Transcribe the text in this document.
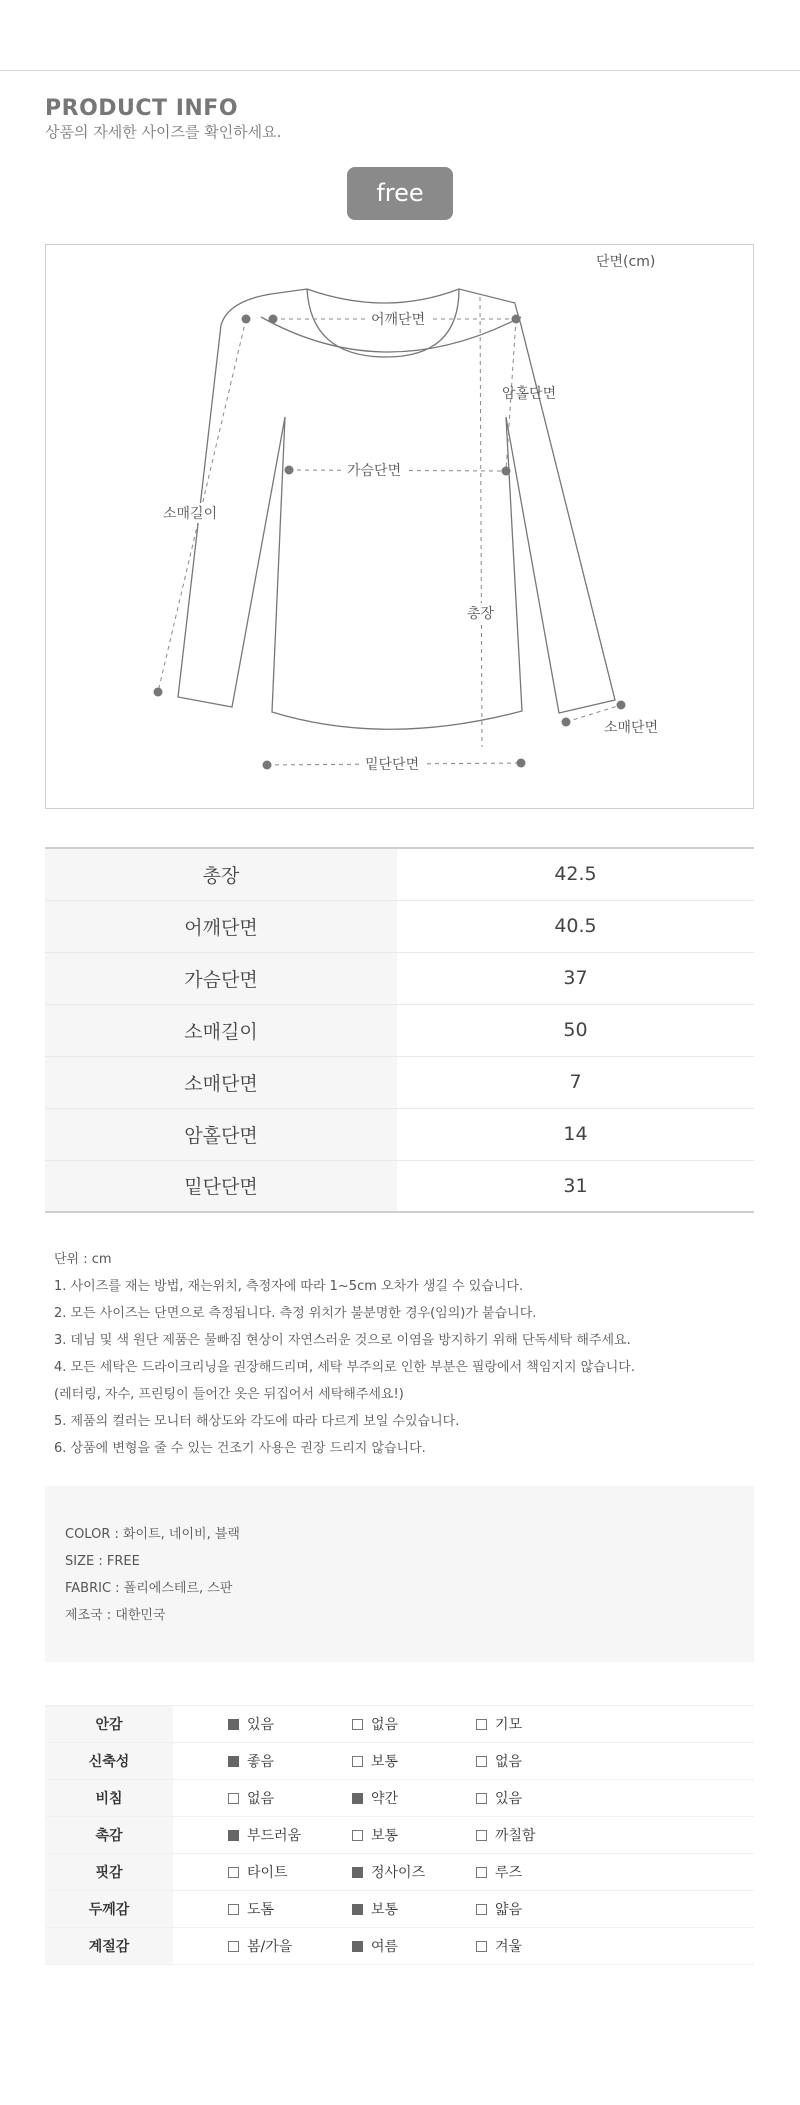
PRODUCT INFO
상품의 자세한 사이즈를 확인하세요.
free
단면(cm)
어깨단면
암홀단면
가슴단면
소매길이
총장
소매단면
밑단단면
총장	42.5
어깨단면	40.5
가슴단면	37
소매길이	50
소매단면	7
암홀단면	14
밑단단면	31
단위 : cm
1. 사이즈를 재는 방법, 재는위치, 측정자에 따라 1~5cm 오차가 생길 수 있습니다.
2. 모든 사이즈는 단면으로 측정됩니다. 측정 위치가 불분명한 경우(임의)가 붙습니다.
3. 데님 및 색 원단 제품은 물빠짐 현상이 자연스러운 것으로 이염을 방지하기 위해 단독세탁 해주세요.
4. 모든 세탁은 드라이크리닝을 권장해드리며, 세탁 부주의로 인한 부분은 필랑에서 책임지지 않습니다.
(레터링, 자수, 프린팅이 들어간 옷은 뒤집어서 세탁해주세요!)
5. 제품의 컬러는 모니터 해상도와 각도에 따라 다르게 보일 수있습니다.
6. 상품에 변형을 줄 수 있는 건조기 사용은 권장 드리지 않습니다.
COLOR : 화이트, 네이비, 블랙
SIZE : FREE
FABRIC : 폴리에스테르, 스판
제조국 : 대한민국
안감		있음	없음	기모	
신축성		좋음	보통	없음	
비침		없음	약간	있음	
촉감		부드러움	보통	까칠함	
핏감		타이트	정사이즈	루즈	
두께감		도톰	보통	얇음	
계절감		봄/가을	여름	겨울	
